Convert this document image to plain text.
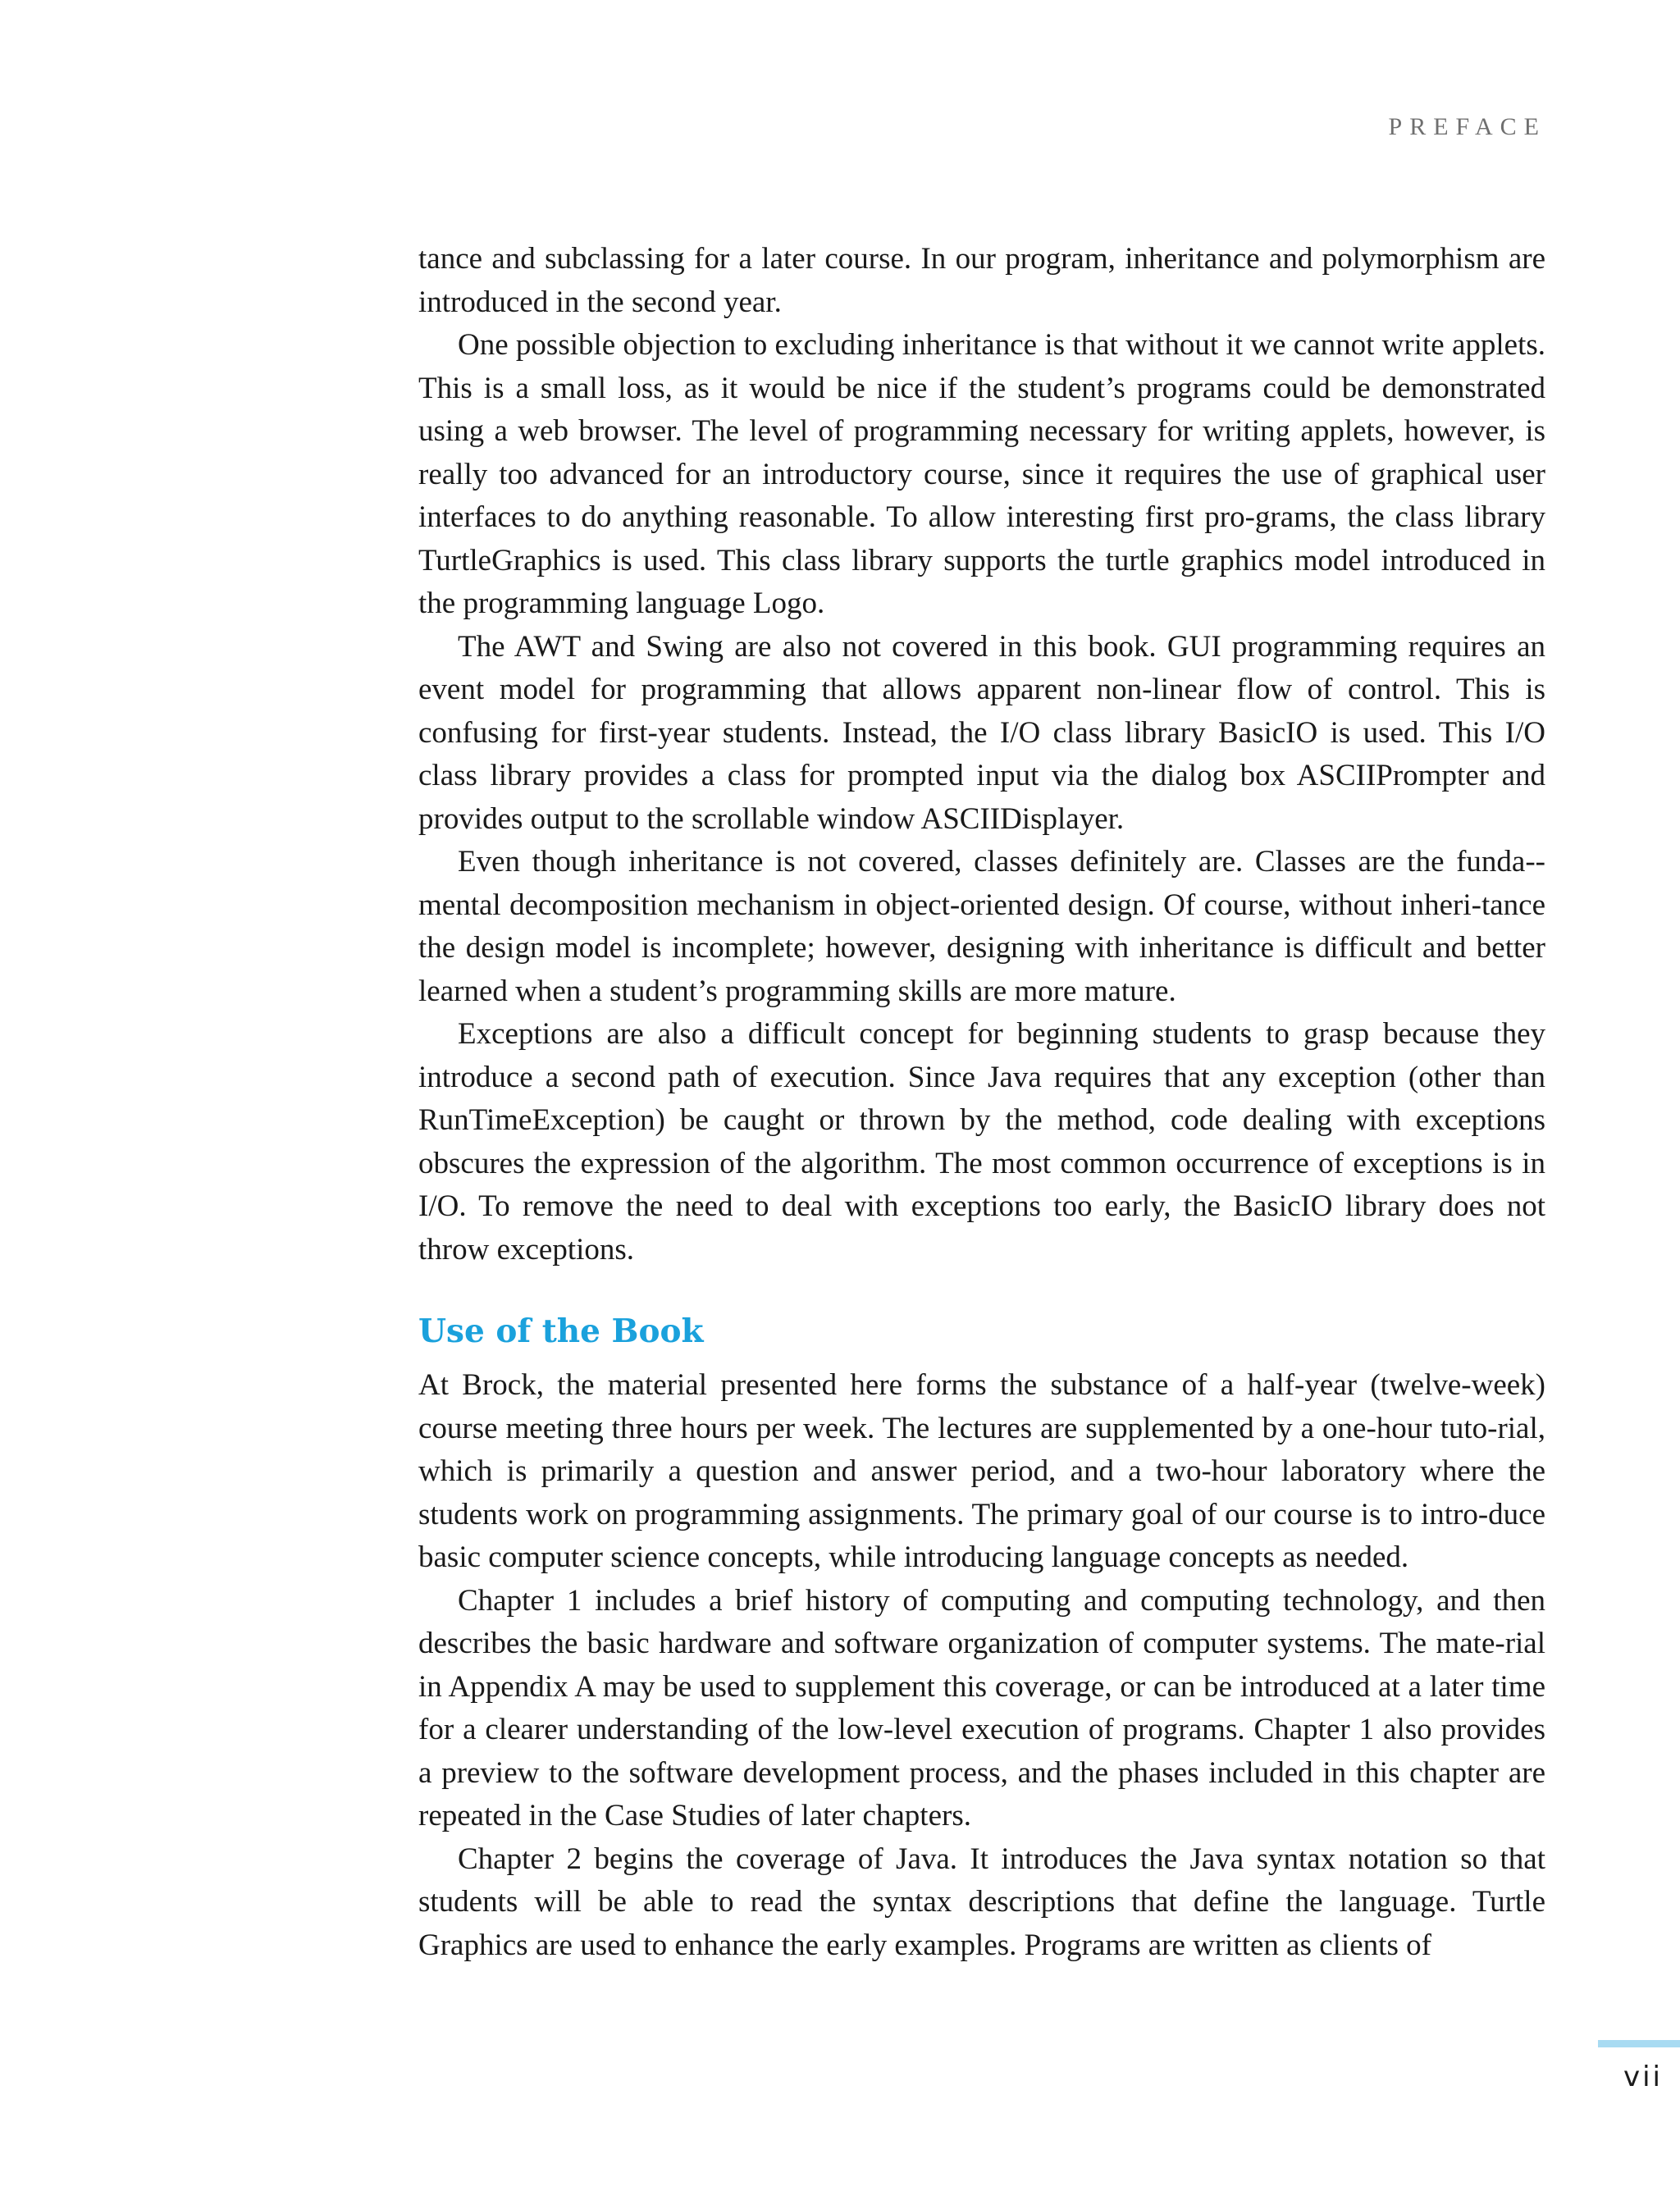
PREFACE

tance and subclassing for a later course. In our program, inheritance and polymorphism are introduced in the second year.

One possible objection to excluding inheritance is that without it we cannot write applets. This is a small loss, as it would be nice if the student’s programs could be demonstrated using a web browser. The level of programming necessary for writing applets, however, is really too advanced for an introductory course, since it requires the use of graphical user interfaces to do anything reasonable. To allow interesting first pro-grams, the class library TurtleGraphics is used. This class library supports the turtle graphics model introduced in the programming language Logo.

The AWT and Swing are also not covered in this book. GUI programming requires an event model for programming that allows apparent non-linear flow of control. This is confusing for first-year students. Instead, the I/O class library BasicIO is used. This I/O class library provides a class for prompted input via the dialog box ASCIIPrompter and provides output to the scrollable window ASCIIDisplayer.

Even though inheritance is not covered, classes definitely are. Classes are the funda-mental decomposition mechanism in object-oriented design. Of course, without inheri-tance the design model is incomplete; however, designing with inheritance is difficult and better learned when a student’s programming skills are more mature.

Exceptions are also a difficult concept for beginning students to grasp because they introduce a second path of execution. Since Java requires that any exception (other than RunTimeException) be caught or thrown by the method, code dealing with exceptions obscures the expression of the algorithm. The most common occurrence of exceptions is in I/O. To remove the need to deal with exceptions too early, the BasicIO library does not throw exceptions.

Use of the Book

At Brock, the material presented here forms the substance of a half-year (twelve-week) course meeting three hours per week. The lectures are supplemented by a one-hour tuto-rial, which is primarily a question and answer period, and a two-hour laboratory where the students work on programming assignments. The primary goal of our course is to intro-duce basic computer science concepts, while introducing language concepts as needed.

Chapter 1 includes a brief history of computing and computing technology, and then describes the basic hardware and software organization of computer systems. The mate-rial in Appendix A may be used to supplement this coverage, or can be introduced at a later time for a clearer understanding of the low-level execution of programs. Chapter 1 also provides a preview to the software development process, and the phases included in this chapter are repeated in the Case Studies of later chapters.

Chapter 2 begins the coverage of Java. It introduces the Java syntax notation so that students will be able to read the syntax descriptions that define the language. Turtle Graphics are used to enhance the early examples. Programs are written as clients of

vii
